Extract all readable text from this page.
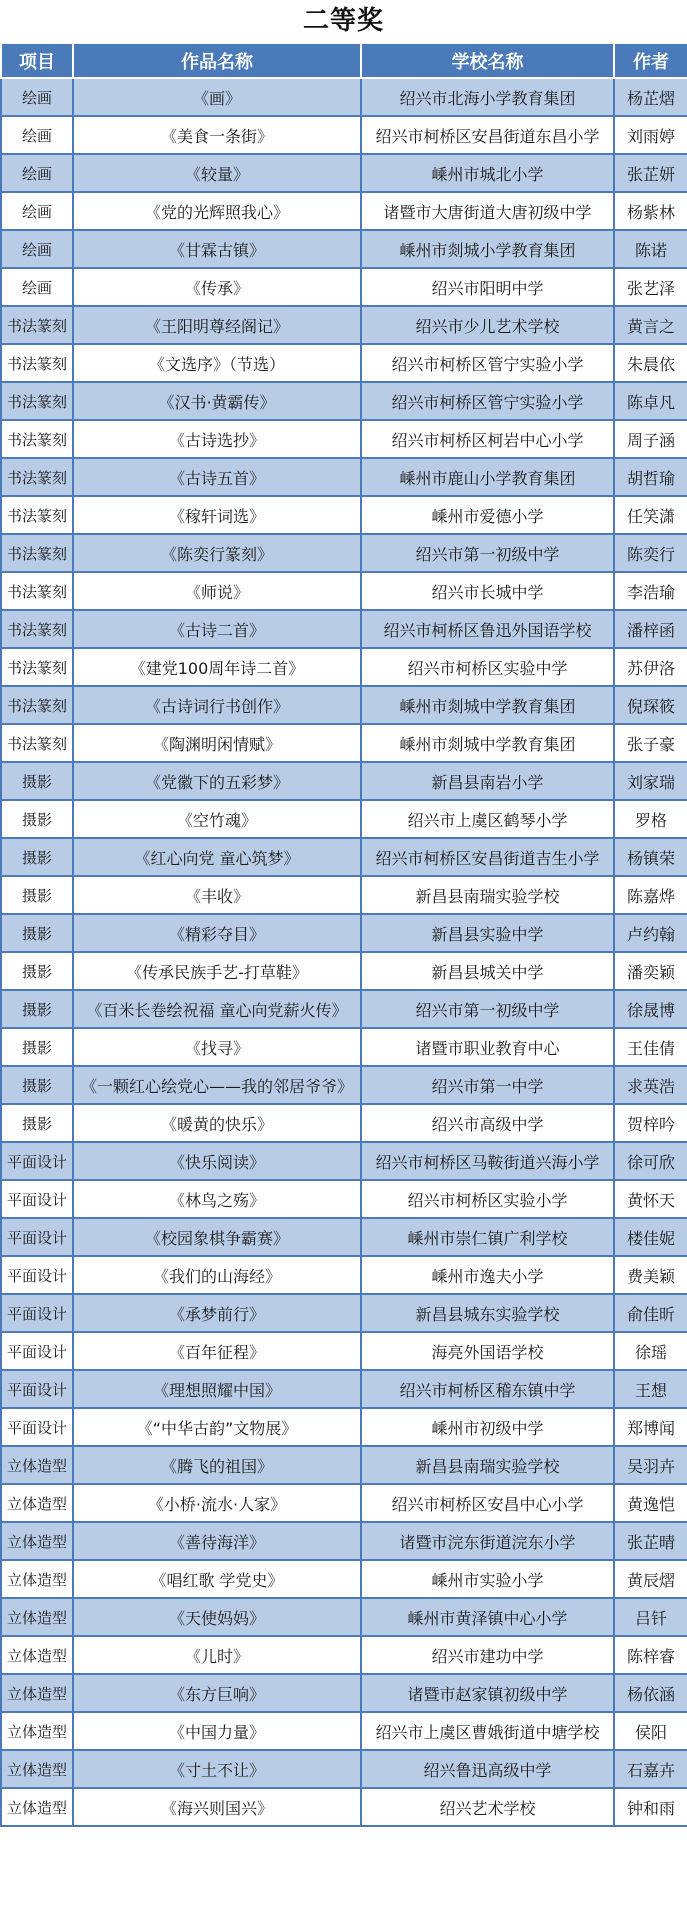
二等奖
项目	作品名称	学校名称	作者
绘画	《画》	绍兴市北海小学教育集团	杨芷熠
绘画	《美食一条街》	绍兴市柯桥区安昌街道东昌小学	刘雨婷
绘画	《较量》	嵊州市城北小学	张芷妍
绘画	《党的光辉照我心》	诸暨市大唐街道大唐初级中学	杨紫林
绘画	《甘霖古镇》	嵊州市剡城小学教育集团	陈诺
绘画	《传承》	绍兴市阳明中学	张艺泽
书法篆刻	《王阳明尊经阁记》	绍兴市少儿艺术学校	黄言之
书法篆刻	《文选序》（节选）	绍兴市柯桥区管宁实验小学	朱晨依
书法篆刻	《汉书·黄霸传》	绍兴市柯桥区管宁实验小学	陈卓凡
书法篆刻	《古诗选抄》	绍兴市柯桥区柯岩中心小学	周子涵
书法篆刻	《古诗五首》	嵊州市鹿山小学教育集团	胡哲瑜
书法篆刻	《稼轩词选》	嵊州市爱德小学	任笑潇
书法篆刻	《陈奕行篆刻》	绍兴市第一初级中学	陈奕行
书法篆刻	《师说》	绍兴市长城中学	李浩瑜
书法篆刻	《古诗二首》	绍兴市柯桥区鲁迅外国语学校	潘梓函
书法篆刻	《建党100周年诗二首》	绍兴市柯桥区实验中学	苏伊洛
书法篆刻	《古诗词行书创作》	嵊州市剡城中学教育集团	倪琛筱
书法篆刻	《陶渊明闲情赋》	嵊州市剡城中学教育集团	张子豪
摄影	《党徽下的五彩梦》	新昌县南岩小学	刘家瑞
摄影	《空竹魂》	绍兴市上虞区鹤琴小学	罗格
摄影	《红心向党 童心筑梦》	绍兴市柯桥区安昌街道吉生小学	杨镇荣
摄影	《丰收》	新昌县南瑞实验学校	陈嘉烨
摄影	《精彩夺目》	新昌县实验中学	卢约翰
摄影	《传承民族手艺-打草鞋》	新昌县城关中学	潘奕颖
摄影	《百米长卷绘祝福 童心向党薪火传》	绍兴市第一初级中学	徐晟博
摄影	《找寻》	诸暨市职业教育中心	王佳倩
摄影	《一颗红心绘党心——我的邻居爷爷》	绍兴市第一中学	求英浩
摄影	《暖黄的快乐》	绍兴市高级中学	贺梓吟
平面设计	《快乐阅读》	绍兴市柯桥区马鞍街道兴海小学	徐可欣
平面设计	《林鸟之殇》	绍兴市柯桥区实验小学	黄怀天
平面设计	《校园象棋争霸赛》	嵊州市崇仁镇广利学校	楼佳妮
平面设计	《我们的山海经》	嵊州市逸夫小学	费美颖
平面设计	《承梦前行》	新昌县城东实验学校	俞佳昕
平面设计	《百年征程》	海亮外国语学校	徐瑶
平面设计	《理想照耀中国》	绍兴市柯桥区稽东镇中学	王想
平面设计	《“中华古韵”文物展》	嵊州市初级中学	郑博闻
立体造型	《腾飞的祖国》	新昌县南瑞实验学校	吴羽卉
立体造型	《小桥·流水·人家》	绍兴市柯桥区安昌中心小学	黄逸恺
立体造型	《善待海洋》	诸暨市浣东街道浣东小学	张芷晴
立体造型	《唱红歌 学党史》	嵊州市实验小学	黄辰熠
立体造型	《天使妈妈》	嵊州市黄泽镇中心小学	吕钎
立体造型	《儿时》	绍兴市建功中学	陈梓睿
立体造型	《东方巨响》	诸暨市赵家镇初级中学	杨依涵
立体造型	《中国力量》	绍兴市上虞区曹娥街道中塘学校	侯阳
立体造型	《寸土不让》	绍兴鲁迅高级中学	石嘉卉
立体造型	《海兴则国兴》	绍兴艺术学校	钟和雨
